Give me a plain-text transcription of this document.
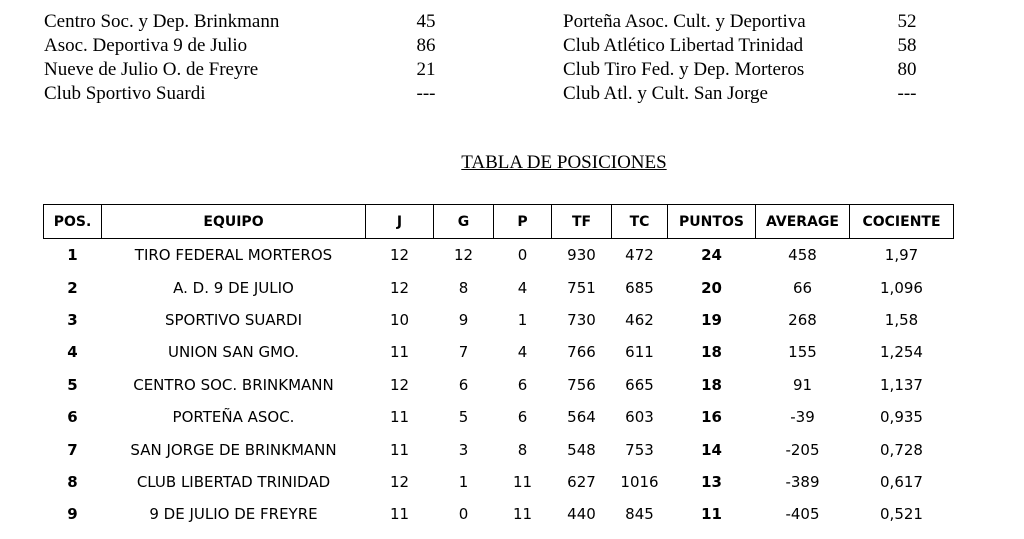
Centro Soc. y Dep. Brinkmann	45	Porteña Asoc. Cult. y Deportiva	52
Asoc. Deportiva 9 de Julio	86	Club Atlético Libertad Trinidad	58
Nueve de Julio O. de Freyre	21	Club Tiro Fed. y Dep. Morteros	80
Club Sportivo Suardi	---	Club Atl. y Cult. San Jorge	---
TABLA DE POSICIONES
POS.	EQUIPO	J	G	P	TF	TC	PUNTOS	AVERAGE	COCIENTE
1	TIRO FEDERAL MORTEROS	12	12	0	930	472	24	458	1,97
2	A. D. 9 DE JULIO	12	8	4	751	685	20	66	1,096
3	SPORTIVO SUARDI	10	9	1	730	462	19	268	1,58
4	UNION SAN GMO.	11	7	4	766	611	18	155	1,254
5	CENTRO SOC. BRINKMANN	12	6	6	756	665	18	91	1,137
6	PORTEÑA ASOC.	11	5	6	564	603	16	-39	0,935
7	SAN JORGE DE BRINKMANN	11	3	8	548	753	14	-205	0,728
8	CLUB LIBERTAD TRINIDAD	12	1	11	627	1016	13	-389	0,617
9	9 DE JULIO DE FREYRE	11	0	11	440	845	11	-405	0,521
